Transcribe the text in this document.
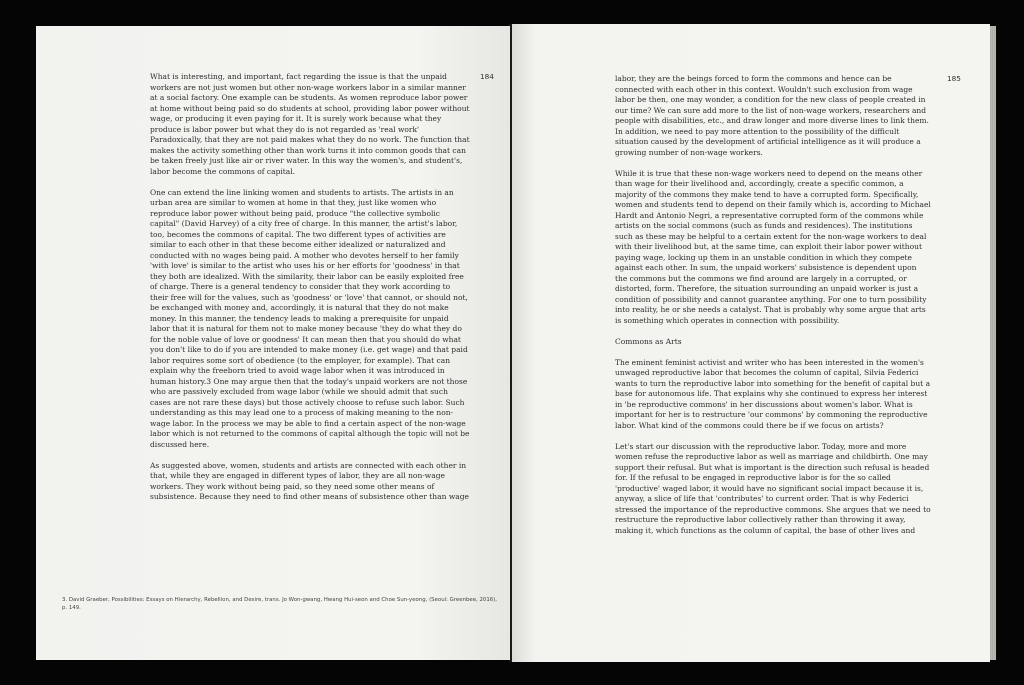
184

What is interesting, and important, fact regarding the issue is that the unpaid workers are not just women but other non-wage workers labor in a similar manner at a social factory. One example can be students. As women reproduce labor power at home without being paid so do students at school, providing labor power without wage, or producing it even paying for it. It is surely work because what they produce is labor power but what they do is not regarded as 'real work' Paradoxically, that they are not paid makes what they do no work. The function that makes the activity something other than work turns it into common goods that can be taken freely just like air or river water. In this way the women's, and student's, labor become the commons of capital.

One can extend the line linking women and students to artists. The artists in an urban area are similar to women at home in that they, just like women who reproduce labor power without being paid, produce "the collective symbolic capital" (David Harvey) of a city free of charge. In this manner, the artist's labor, too, becomes the commons of capital. The two different types of activities are similar to each other in that these become either idealized or naturalized and conducted with no wages being paid. A mother who devotes herself to her family 'with love' is similar to the artist who uses his or her efforts for 'goodness' in that they both are idealized. With the similarity, their labor can be easily exploited free of charge. There is a general tendency to consider that they work according to their free will for the values, such as 'goodness' or 'love' that cannot, or should not, be exchanged with money and, accordingly, it is natural that they do not make money. In this manner, the tendency leads to making a prerequisite for unpaid labor that it is natural for them not to make money because 'they do what they do for the noble value of love or goodness' It can mean then that you should do what you don't like to do if you are intended to make money (i.e. get wage) and that paid labor requires some sort of obedience (to the employer, for example). That can explain why the freeborn tried to avoid wage labor when it was introduced in human history.3 One may argue then that the today's unpaid workers are not those who are passively excluded from wage labor (while we should admit that such cases are not rare these days) but those actively choose to refuse such labor. Such understanding as this may lead one to a process of making meaning to the non-wage labor. In the process we may be able to find a certain aspect of the non-wage labor which is not returned to the commons of capital although the topic will not be discussed here.

As suggested above, women, students and artists are connected with each other in that, while they are engaged in different types of labor, they are all non-wage workers. They work without being paid, so they need some other means of subsistence. Because they need to find other means of subsistence other than wage

3. David Graeber, Possibilities: Essays on Hierarchy, Rebellion, and Desire, trans. Jo Won-gwang, Hwang Hui-seon and Choe Sun-yeong, (Seoul: Greenbee, 2016), p. 149.
185

labor, they are the beings forced to form the commons and hence can be connected with each other in this context. Wouldn't such exclusion from wage labor be then, one may wonder, a condition for the new class of people created in our time? We can sure add more to the list of non-wage workers, researchers and people with disabilities, etc., and draw longer and more diverse lines to link them. In addition, we need to pay more attention to the possibility of the difficult situation caused by the development of artificial intelligence as it will produce a growing number of non-wage workers.

While it is true that these non-wage workers need to depend on the means other than wage for their livelihood and, accordingly, create a specific common, a majority of the commons they make tend to have a corrupted form. Specifically, women and students tend to depend on their family which is, according to Michael Hardt and Antonio Negri, a representative corrupted form of the commons while artists on the social commons (such as funds and residences). The institutions such as these may be helpful to a certain extent for the non-wage workers to deal with their livelihood but, at the same time, can exploit their labor power without paying wage, locking up them in an unstable condition in which they compete against each other. In sum, the unpaid workers' subsistence is dependent upon the commons but the commons we find around are largely in a corrupted, or distorted, form. Therefore, the situation surrounding an unpaid worker is just a condition of possibility and cannot guarantee anything. For one to turn possibility into reality, he or she needs a catalyst. That is probably why some argue that arts is something which operates in connection with possibility.

Commons as Arts

The eminent feminist activist and writer who has been interested in the women's unwaged reproductive labor that becomes the column of capital, Silvia Federici wants to turn the reproductive labor into something for the benefit of capital but a base for autonomous life. That explains why she continued to express her interest in 'be reproductive commons' in her discussions about women's labor. What is important for her is to restructure 'our commons' by commoning the reproductive labor. What kind of the commons could there be if we focus on artists?

Let's start our discussion with the reproductive labor. Today, more and more women refuse the reproductive labor as well as marriage and childbirth. One may support their refusal. But what is important is the direction such refusal is headed for. If the refusal to be engaged in reproductive labor is for the so called 'productive' waged labor, it would have no significant social impact because it is, anyway, a slice of life that 'contributes' to current order. That is why Federici stressed the importance of the reproductive commons. She argues that we need to restructure the reproductive labor collectively rather than throwing it away, making it, which functions as the column of capital, the base of other lives and
